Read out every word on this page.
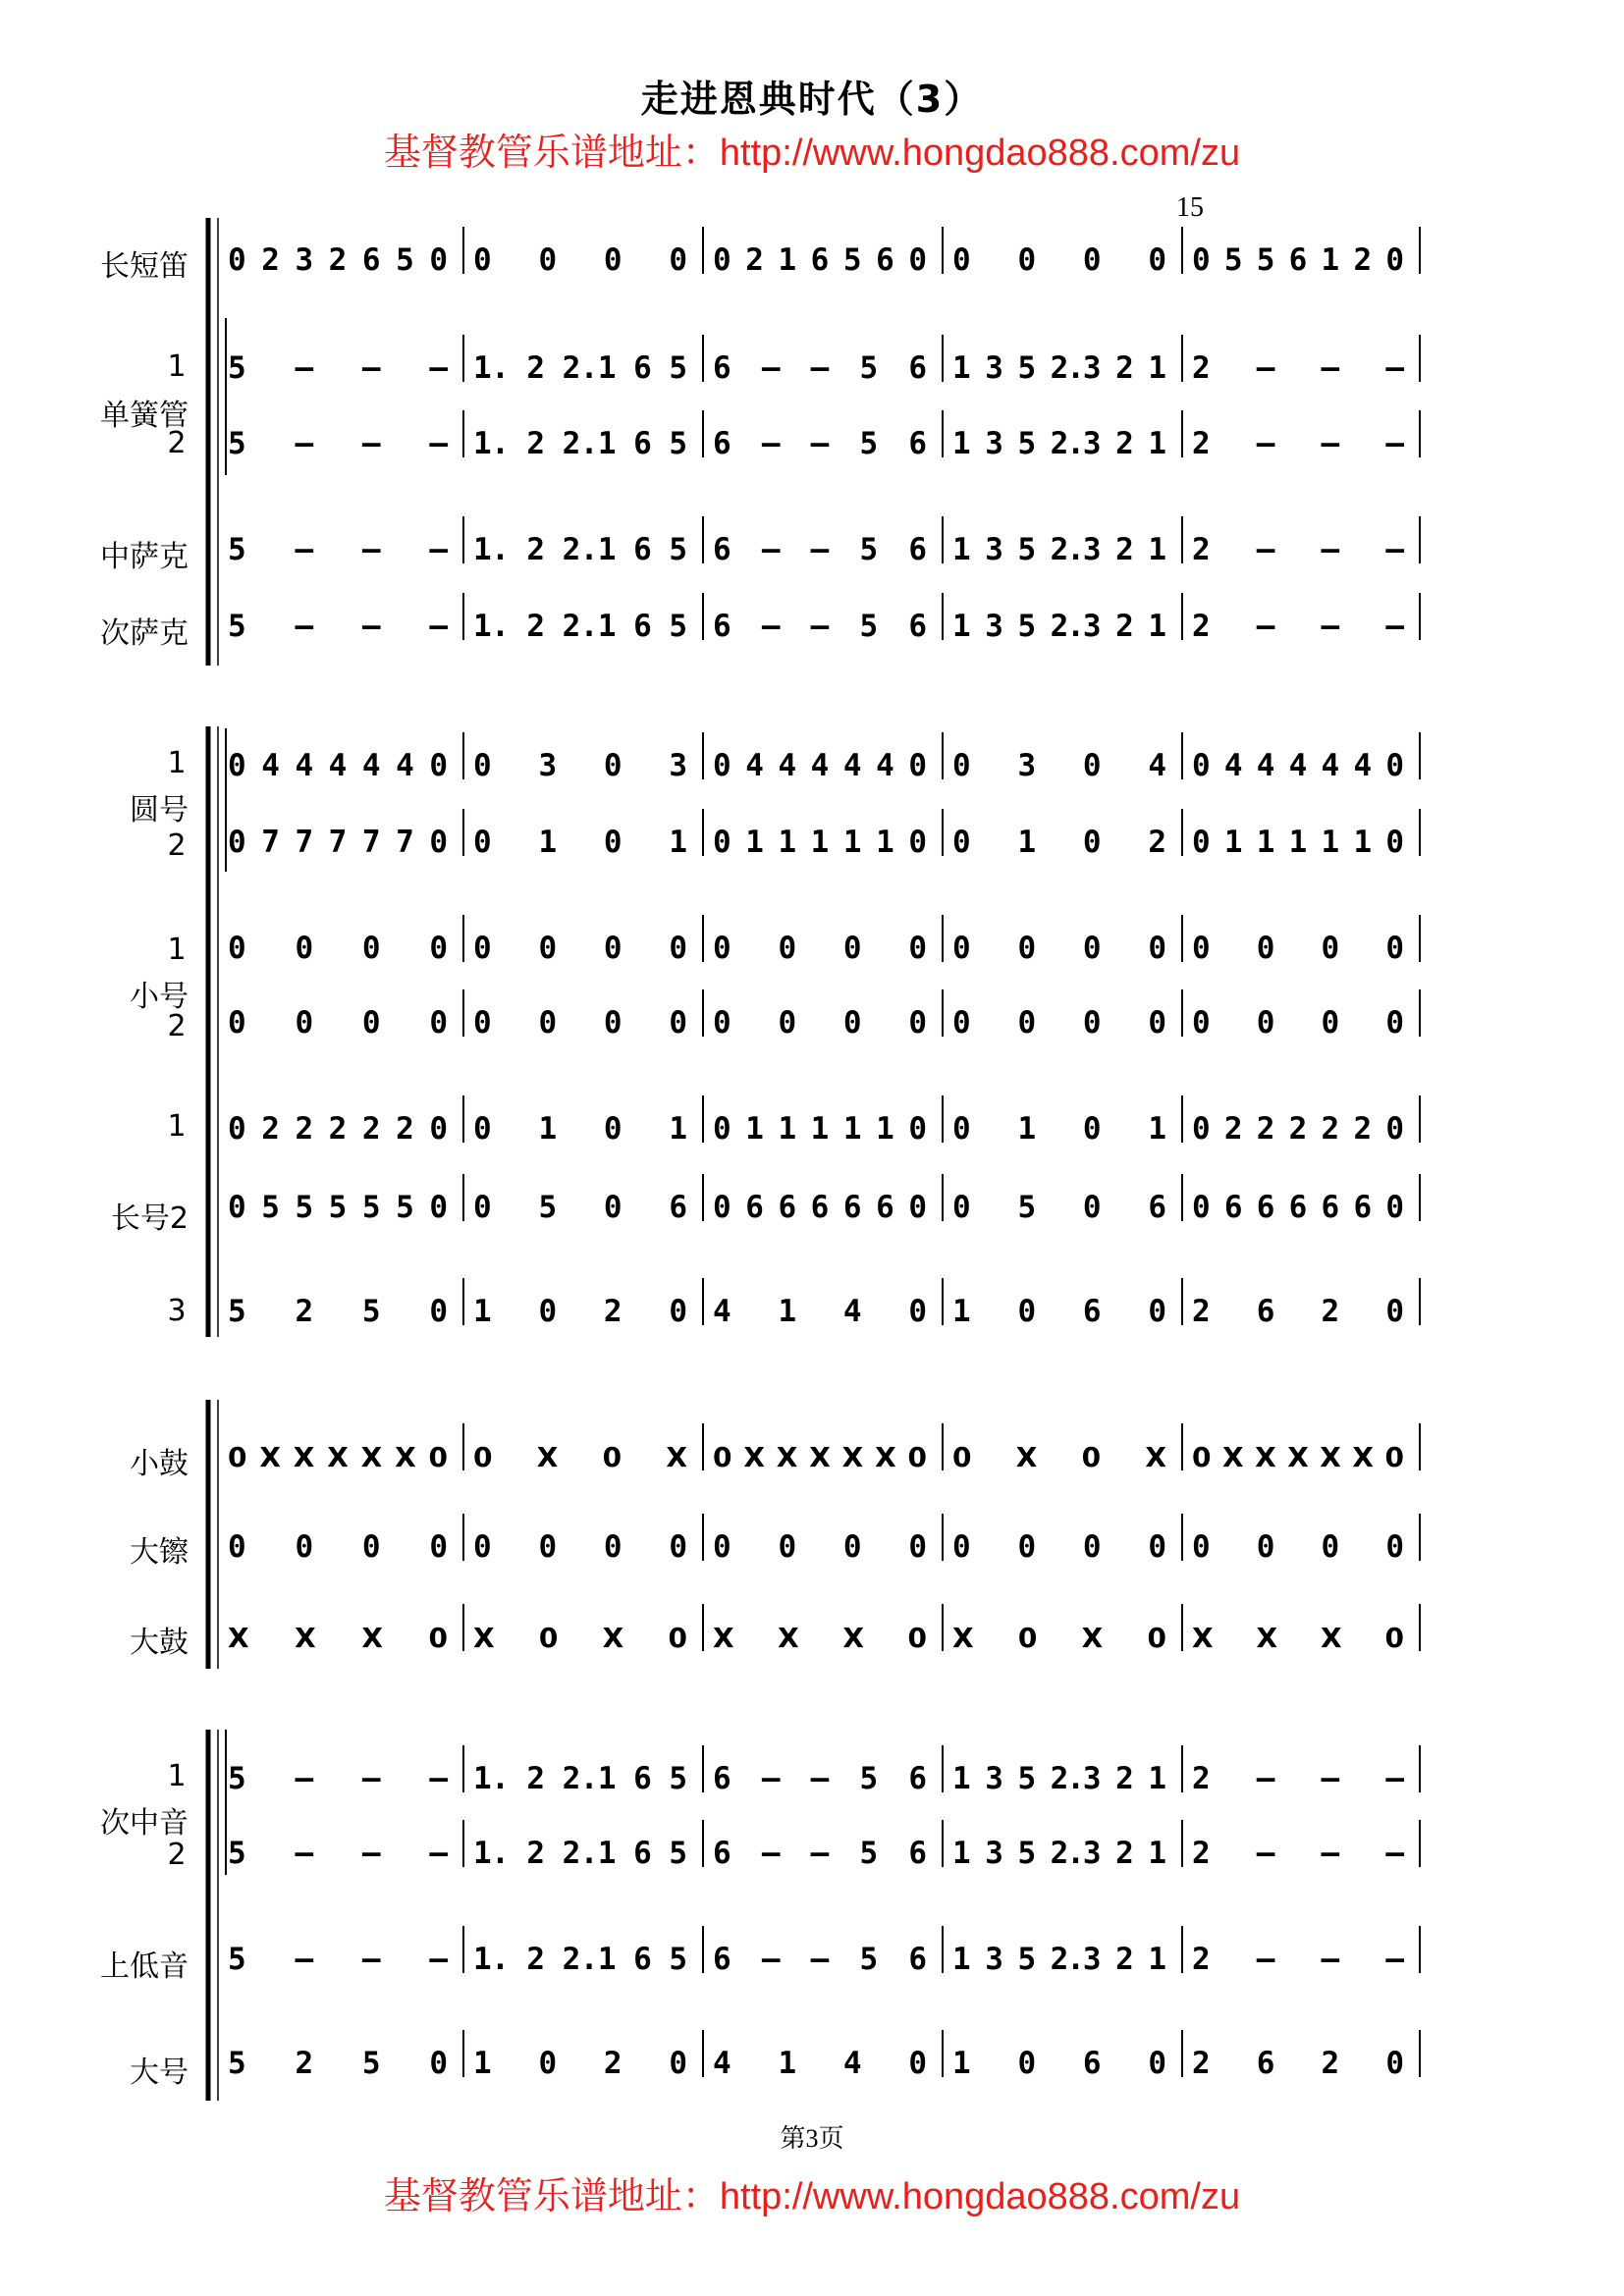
走进恩典时代（3）
基督教管乐谱地址：http://www.hongdao888.com/zu
15
长短笛
1
单簧管
2
中萨克
次萨克
1
圆号
2
1
小号
2
1
长号2
3
小鼓
大镲
大鼓
1
次中音
2
上低音
大号
0 2 3 2 6 5 0 0 0 0 0 0 2 1 6 5 6 0 0 0 0 0 0 5 5 6 1 2 0
5 – – – 1. 2 2.1 6 5 6 – – 5 6 1 3 5 2.3 2 1 2 – – –
5 – – – 1. 2 2.1 6 5 6 – – 5 6 1 3 5 2.3 2 1 2 – – –
5 – – – 1. 2 2.1 6 5 6 – – 5 6 1 3 5 2.3 2 1 2 – – –
5 – – – 1. 2 2.1 6 5 6 – – 5 6 1 3 5 2.3 2 1 2 – – –
0 4 4 4 4 4 0 0 3 0 3 0 4 4 4 4 4 0 0 3 0 4 0 4 4 4 4 4 0
0 7 7 7 7 7 0 0 1 0 1 0 1 1 1 1 1 0 0 1 0 2 0 1 1 1 1 1 0
0 0 0 0 0 0 0 0 0 0 0 0 0 0 0 0 0 0 0 0
0 0 0 0 0 0 0 0 0 0 0 0 0 0 0 0 0 0 0 0
0 2 2 2 2 2 0 0 1 0 1 0 1 1 1 1 1 0 0 1 0 1 0 2 2 2 2 2 0
0 5 5 5 5 5 0 0 5 0 6 0 6 6 6 6 6 0 0 5 0 6 0 6 6 6 6 6 0
5 2 5 0 1 0 2 0 4 1 4 0 1 0 6 0 2 6 2 0
0 X X X X X 0 0 X 0 X 0 X X X X X 0 0 X 0 X 0 X X X X X 0
0 0 0 0 0 0 0 0 0 0 0 0 0 0 0 0 0 0 0 0
X X X 0 X 0 X 0 X X X 0 X 0 X 0 X X X 0
5 – – – 1. 2 2.1 6 5 6 – – 5 6 1 3 5 2.3 2 1 2 – – –
5 – – – 1. 2 2.1 6 5 6 – – 5 6 1 3 5 2.3 2 1 2 – – –
5 – – – 1. 2 2.1 6 5 6 – – 5 6 1 3 5 2.3 2 1 2 – – –
5 2 5 0 1 0 2 0 4 1 4 0 1 0 6 0 2 6 2 0
第3页
基督教管乐谱地址：http://www.hongdao888.com/zu
